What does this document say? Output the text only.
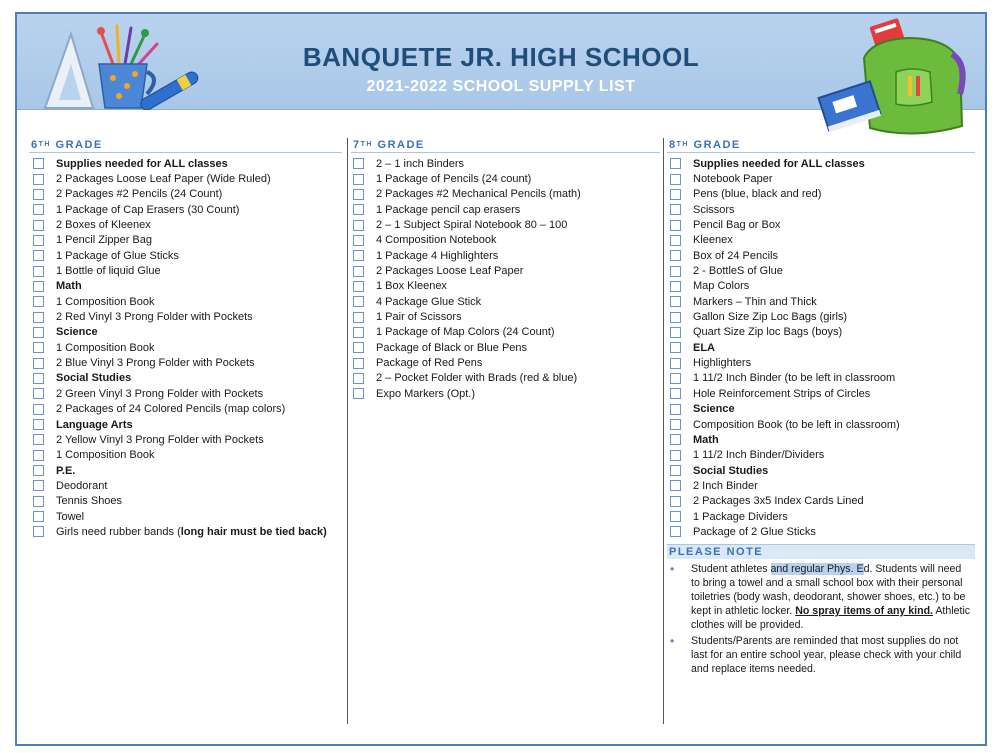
BANQUETE JR. HIGH SCHOOL
2021-2022 SCHOOL SUPPLY LIST
6TH GRADE
Supplies needed for ALL classes
2 Packages Loose Leaf Paper (Wide Ruled)
2 Packages #2 Pencils (24 Count)
1 Package of Cap Erasers (30 Count)
2 Boxes of Kleenex
1 Pencil Zipper Bag
1 Package of Glue Sticks
1 Bottle of liquid Glue
Math
1 Composition Book
2 Red Vinyl 3 Prong Folder with Pockets
Science
1 Composition Book
2 Blue Vinyl 3 Prong Folder with Pockets
Social Studies
2 Green Vinyl 3 Prong Folder with Pockets
2 Packages of 24 Colored Pencils (map colors)
Language Arts
2 Yellow Vinyl 3 Prong Folder with Pockets
1 Composition Book
P.E.
Deodorant
Tennis Shoes
Towel
Girls need rubber bands (long hair must be tied back)
7TH GRADE
2 – 1 inch Binders
1 Package of Pencils (24 count)
2 Packages #2 Mechanical Pencils (math)
1 Package pencil cap erasers
2 – 1 Subject Spiral Notebook 80 – 100
4 Composition Notebook
1 Package 4 Highlighters
2 Packages Loose Leaf Paper
1 Box Kleenex
4 Package Glue Stick
1 Pair of Scissors
1 Package of Map Colors (24 Count)
Package of Black or Blue Pens
Package of Red Pens
2 – Pocket Folder with Brads (red & blue)
Expo Markers (Opt.)
8TH GRADE
Supplies needed for ALL classes
Notebook Paper
Pens (blue, black and red)
Scissors
Pencil Bag or Box
Kleenex
Box of 24 Pencils
2 - BottleS of Glue
Map Colors
Markers – Thin and Thick
Gallon Size Zip Loc Bags (girls)
Quart Size Zip loc Bags (boys)
ELA
Highlighters
1 11/2 Inch Binder (to be left in classroom
Hole Reinforcement Strips of Circles
Science
Composition Book (to be left in classroom)
Math
1 11/2 Inch Binder/Dividers
Social Studies
2 Inch Binder
2 Packages 3x5 Index Cards Lined
1 Package Dividers
Package of 2 Glue Sticks
PLEASE NOTE
• Student athletes and regular Phys. Ed. Students will need to bring a towel and a small school box with their personal toiletries (body wash, deodorant, shower shoes, etc.) to be kept in athletic locker. No spray items of any kind. Athletic clothes will be provided.
• Students/Parents are reminded that most supplies do not last for an entire school year, please check with your child and replace items needed.
